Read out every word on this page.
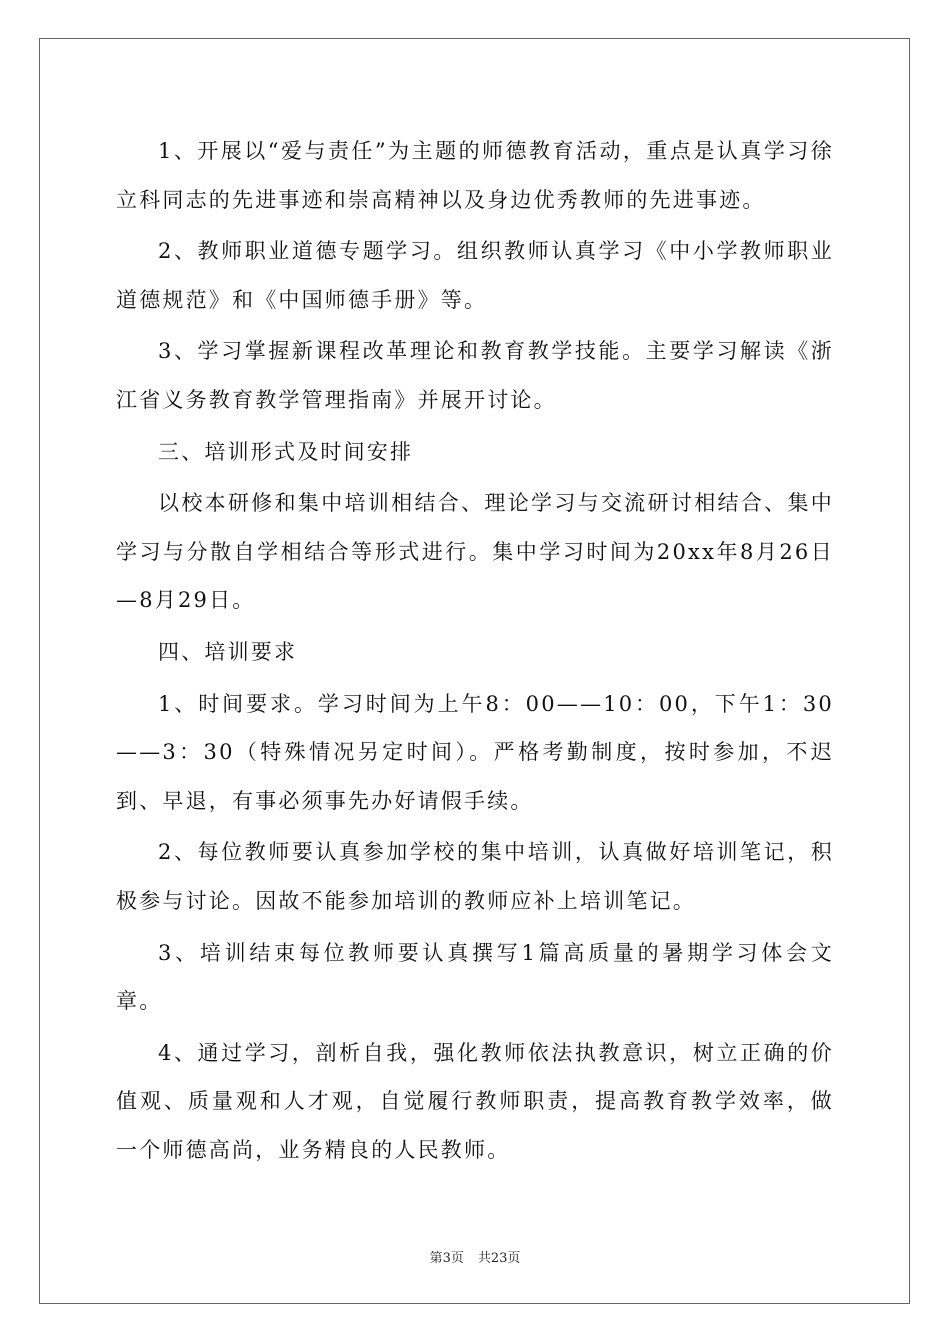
1、开展以“爱与责任”为主题的师德教育活动，重点是认真学习徐立科同志的先进事迹和崇高精神以及身边优秀教师的先进事迹。

2、教师职业道德专题学习。组织教师认真学习《中小学教师职业道德规范》和《中国师德手册》等。

3、学习掌握新课程改革理论和教育教学技能。主要学习解读《浙江省义务教育教学管理指南》并展开讨论。

三、培训形式及时间安排

以校本研修和集中培训相结合、理论学习与交流研讨相结合、集中学习与分散自学相结合等形式进行。集中学习时间为20xx年8月26日—8月29日。

四、培训要求

1、时间要求。学习时间为上午8：00——10：00，下午1：30——3：30（特殊情况另定时间）。严格考勤制度，按时参加，不迟到、早退，有事必须事先办好请假手续。

2、每位教师要认真参加学校的集中培训，认真做好培训笔记，积极参与讨论。因故不能参加培训的教师应补上培训笔记。

3、培训结束每位教师要认真撰写1篇高质量的暑期学习体会文章。

4、通过学习，剖析自我，强化教师依法执教意识，树立正确的价值观、质量观和人才观，自觉履行教师职责，提高教育教学效率，做一个师德高尚，业务精良的人民教师。

第3页 共23页
